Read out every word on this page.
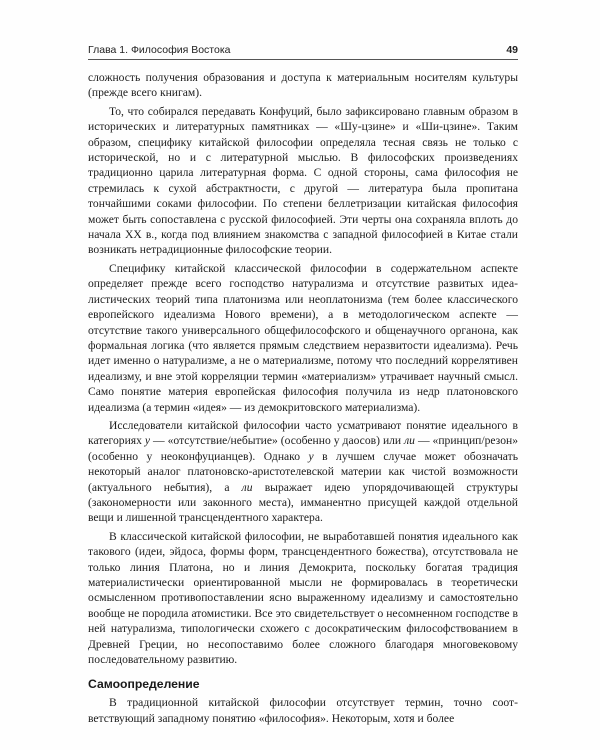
Глава 1. Философия Востока	49

сложность получения образования и доступа к материальным носителям культуры (прежде всего книгам).

То, что собирался передавать Конфуций, было зафиксировано главным образом в исторических и литературных памятниках — «Шу-цзине» и «Ши-цзине». Таким образом, специфику китайской философии определяла тесная связь не только с исторической, но и с литературной мыслью. В философских произведениях традиционно царила литературная форма. С одной стороны, сама философия не стремилась к сухой абстрактности, с другой — литература была пропитана тончайшими соками философии. По степени беллетризации китайская философия может быть сопоставлена с русской философией. Эти черты она сохраняла вплоть до начала XX в., когда под влиянием знакомства с западной философией в Китае стали возникать нетрадиционные философские теории.

Специфику китайской классической философии в содержательном аспекте определяет прежде всего господство натурализма и отсутствие развитых идеалистических теорий типа платонизма или неоплатонизма (тем более классического европейского идеализма Нового времени), а в методологическом аспекте — отсутствие такого универсального общефилософского и общенаучного органона, как формальная логика (что является прямым следствием неразвитости идеализма). Речь идет именно о натурализме, а не о материализме, потому что последний коррелятивен идеализму, и вне этой корреляции термин «материализм» утрачивает научный смысл. Само понятие материя европейская философия получила из недр платоновского идеализма (а термин «идея» — из демокритовского материализма).

Исследователи китайской философии часто усматривают понятие идеального в категориях у — «отсутствие/небытие» (особенно у даосов) или ли — «принцип/резон» (особенно у неоконфуцианцев). Однако у в лучшем случае может обозначать некоторый аналог платоновско-аристотелевской материи как чистой возможности (актуального небытия), а ли выражает идею упорядочивающей структуры (закономерности или законного места), имманентно присущей каждой отдельной вещи и лишенной трансцендентного характера.

В классической китайской философии, не выработавшей понятия идеального как такового (идеи, эйдоса, формы форм, трансцендентного божества), отсутствовала не только линия Платона, но и линия Демокрита, поскольку богатая традиция материалистически ориентированной мысли не формировалась в теоретически осмысленном противопоставлении ясно выраженному идеализму и самостоятельно вообще не породила атомистики. Все это свидетельствует о несомненном господстве в ней натурализма, типологически схожего с досократическим философствованием в Древней Греции, но несопоставимо более сложного благодаря многовековому последовательному развитию.

Самоопределение

В традиционной китайской философии отсутствует термин, точно соответствующий западному понятию «философия». Некоторым, хотя и более
